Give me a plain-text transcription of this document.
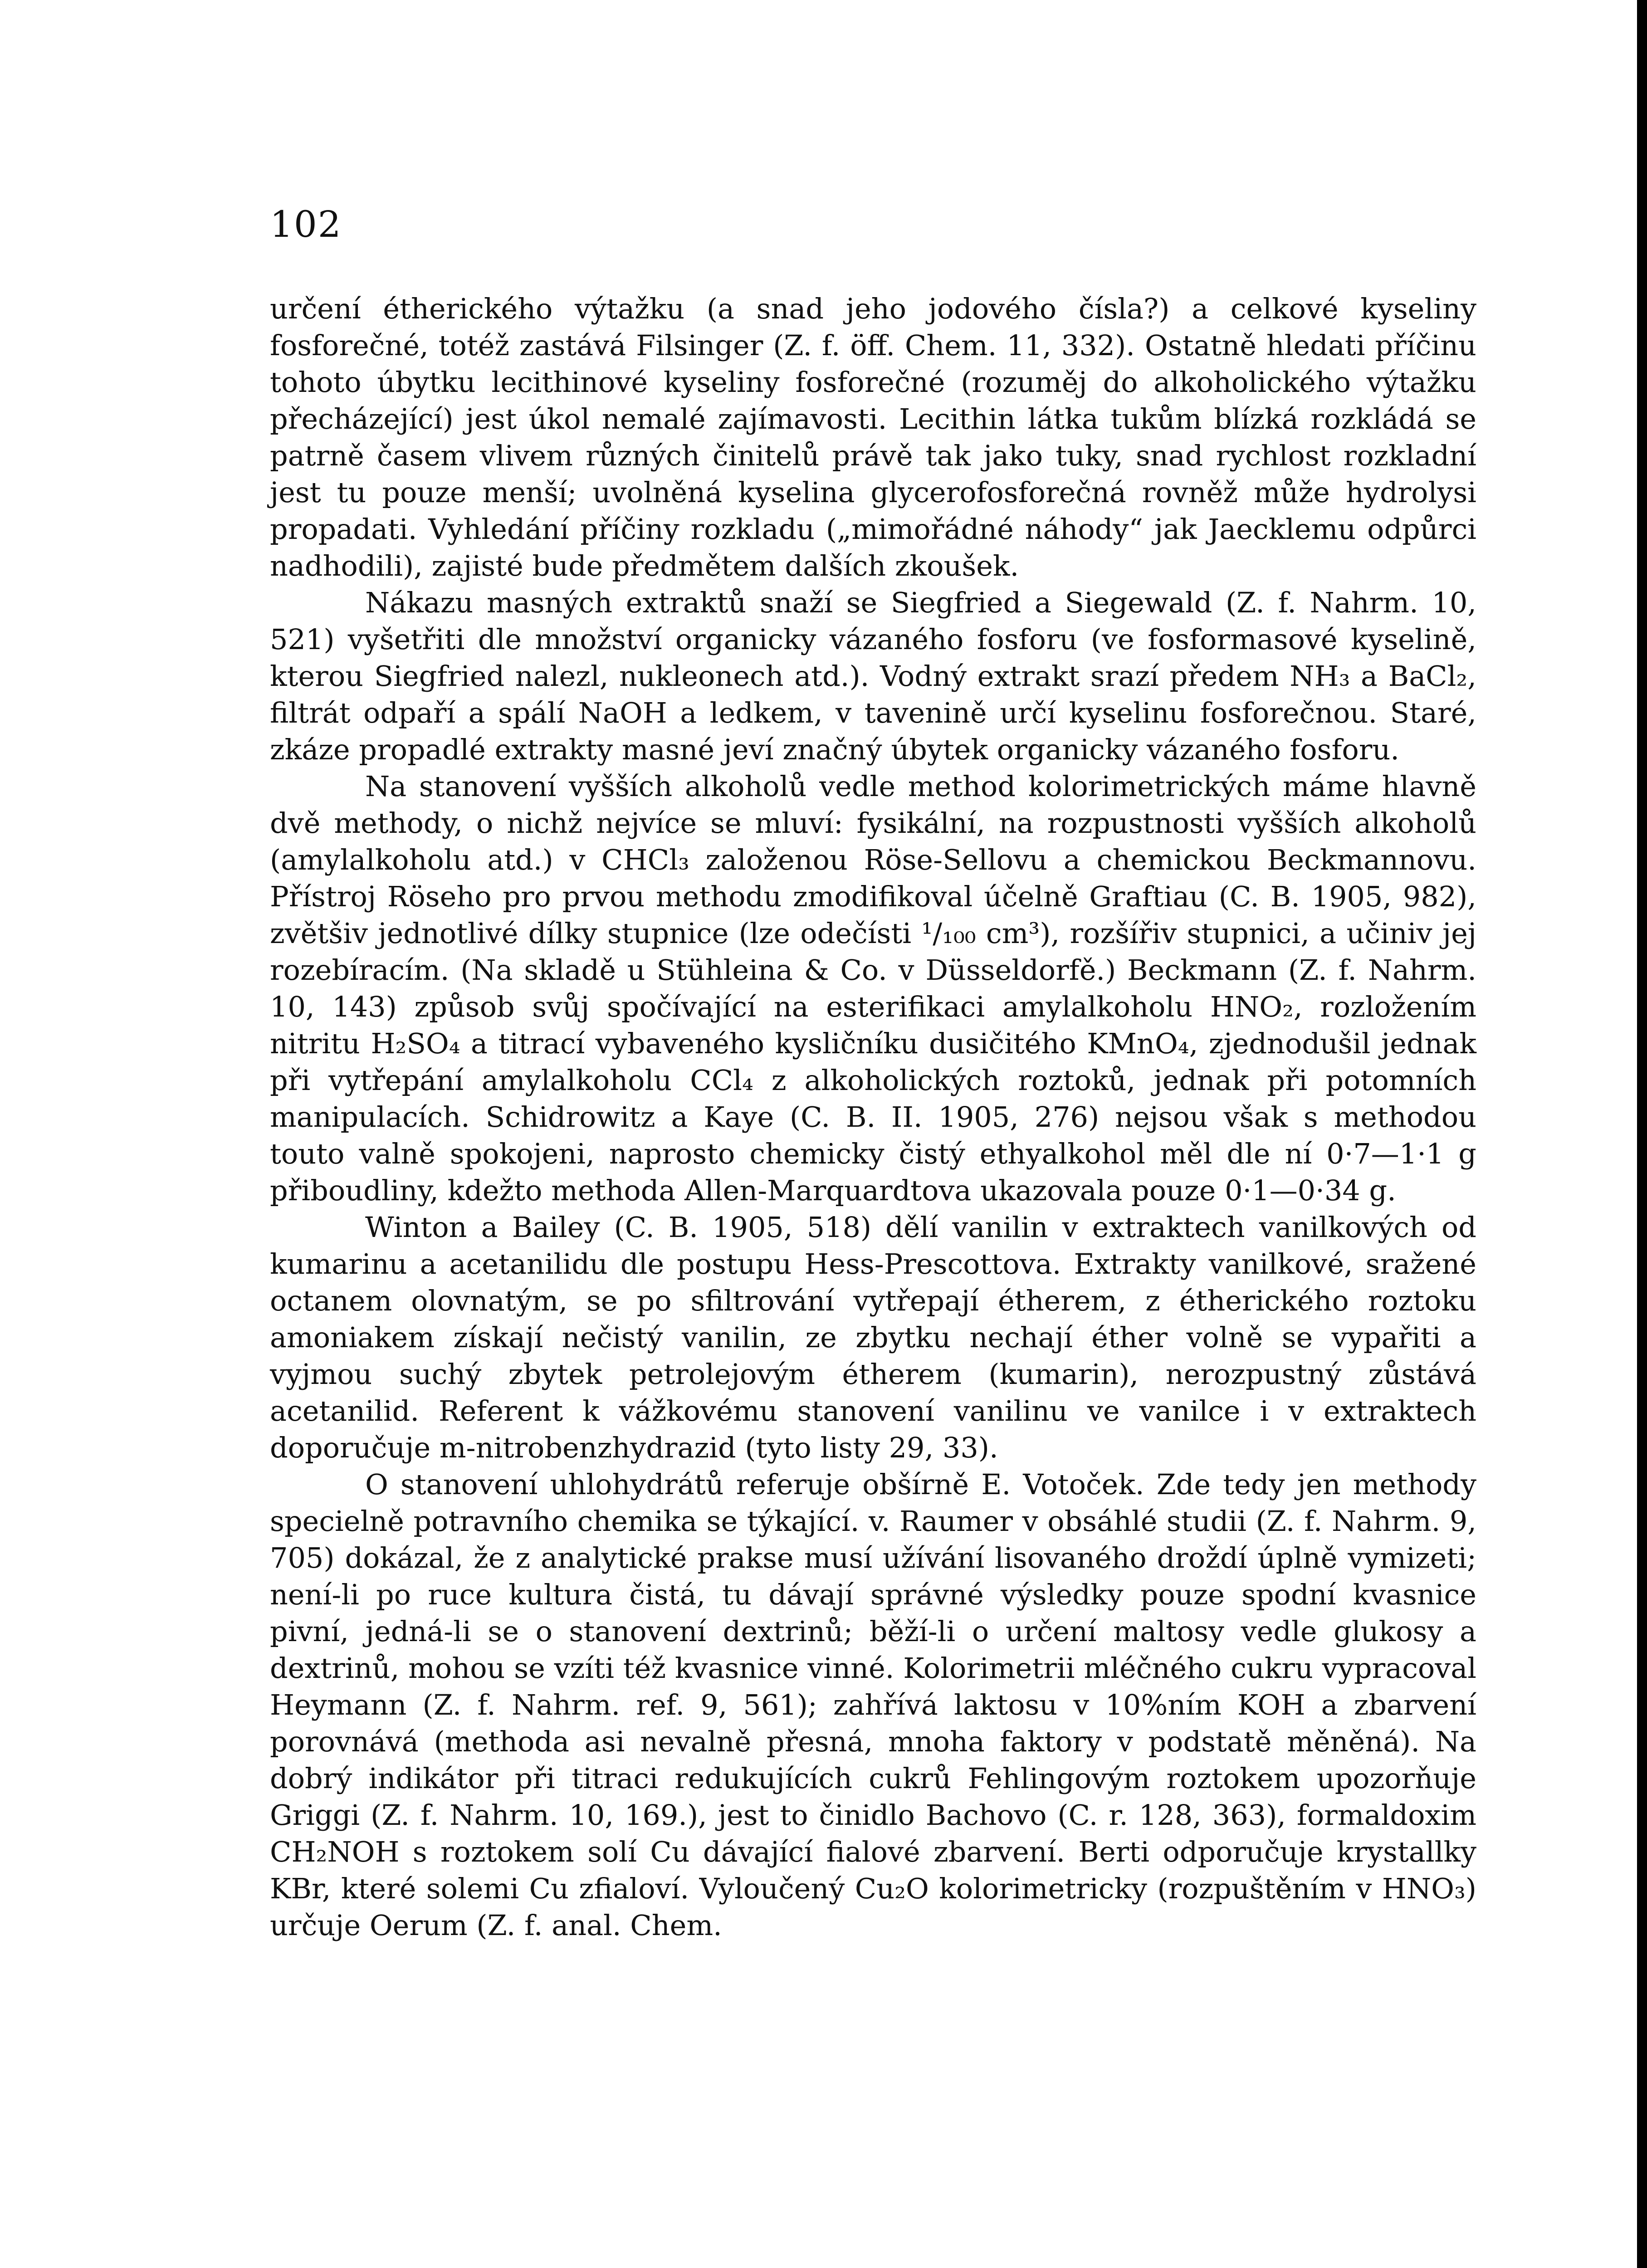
102

určení étherického výtažku (a snad jeho jodového čísla?) a celkové kyseliny fosforečné, totéž zastává Filsinger (Z. f. öff. Chem. 11, 332). Ostatně hledati příčinu tohoto úbytku lecithinové kyseliny fosforečné (rozuměj do alkoholického výtažku přecházející) jest úkol nemalé zajímavosti. Lecithin látka tukům blízká rozkládá se patrně časem vlivem různých činitelů právě tak jako tuky, snad rychlost rozkladní jest tu pouze menší; uvolněná kyselina glycerofosforečná rovněž může hydrolysi propadati. Vyhledání příčiny rozkladu („mimořádné náhody“ jak Jaecklemu odpůrci nadhodili), zajisté bude předmětem dalších zkoušek.

Nákazu masných extraktů snaží se Siegfried a Siegewald (Z. f. Nahrm. 10, 521) vyšetřiti dle množství organicky vázaného fosforu (ve fosformasové kyselině, kterou Siegfried nalezl, nukleonech atd.). Vodný extrakt srazí předem NH₃ a BaCl₂, filtrát odpaří a spálí NaOH a ledkem, v tavenině určí kyselinu fosforečnou. Staré, zkáze propadlé extrakty masné jeví značný úbytek organicky vázaného fosforu.

Na stanovení vyšších alkoholů vedle method kolorimetrických máme hlavně dvě methody, o nichž nejvíce se mluví: fysikální, na rozpustnosti vyšších alkoholů (amylalkoholu atd.) v CHCl₃ založenou Röse-Sellovu a chemickou Beckmannovu. Přístroj Röseho pro prvou methodu zmodifikoval účelně Graftiau (C. B. 1905, 982), zvětšiv jednotlivé dílky stupnice (lze odečísti ¹/₁₀₀ cm³), rozšířiv stupnici, a učiniv jej rozebíracím. (Na skladě u Stühleina & Co. v Düsseldorfě.) Beckmann (Z. f. Nahrm. 10, 143) způsob svůj spočívající na esterifikaci amylalkoholu HNO₂, rozložením nitritu H₂SO₄ a titrací vybaveného kysličníku dusičitého KMnO₄, zjednodušil jednak při vytřepání amylalkoholu CCl₄ z alkoholických roztoků, jednak při potomních manipulacích. Schidrowitz a Kaye (C. B. II. 1905, 276) nejsou však s methodou touto valně spokojeni, naprosto chemicky čistý ethyalkohol měl dle ní 0·7—1·1 g přiboudliny, kdežto methoda Allen-Marquardtova ukazovala pouze 0·1—0·34 g.

Winton a Bailey (C. B. 1905, 518) dělí vanilin v extraktech vanilkových od kumarinu a acetanilidu dle postupu Hess-Prescottova. Extrakty vanilkové, sražené octanem olovnatým, se po sfiltrování vytřepají étherem, z étherického roztoku amoniakem získají nečistý vanilin, ze zbytku nechají éther volně se vypařiti a vyjmou suchý zbytek petrolejovým étherem (kumarin), nerozpustný zůstává acetanilid. Referent k vážkovému stanovení vanilinu ve vanilce i v extraktech doporučuje m-nitrobenzhydrazid (tyto listy 29, 33).

O stanovení uhlohydrátů referuje obšírně E. Votoček. Zde tedy jen methody specielně potravního chemika se týkající. v. Raumer v obsáhlé studii (Z. f. Nahrm. 9, 705) dokázal, že z analytické prakse musí užívání lisovaného droždí úplně vymizeti; není-li po ruce kultura čistá, tu dávají správné výsledky pouze spodní kvasnice pivní, jedná-li se o stanovení dextrinů; běží-li o určení maltosy vedle glukosy a dextrinů, mohou se vzíti též kvasnice vinné. Kolorimetrii mléčného cukru vypracoval Heymann (Z. f. Nahrm. ref. 9, 561); zahřívá laktosu v 10%ním KOH a zbarvení porovnává (methoda asi nevalně přesná, mnoha faktory v podstatě měněná). Na dobrý indikátor při titraci redukujících cukrů Fehlingovým roztokem upozorňuje Griggi (Z. f. Nahrm. 10, 169.), jest to činidlo Bachovo (C. r. 128, 363), formaldoxim CH₂NOH s roztokem solí Cu dávající fialové zbarvení. Berti odporučuje krystallky KBr, které solemi Cu zfialoví. Vyloučený Cu₂O kolorimetricky (rozpuštěním v HNO₃) určuje Oerum (Z. f. anal. Chem.
